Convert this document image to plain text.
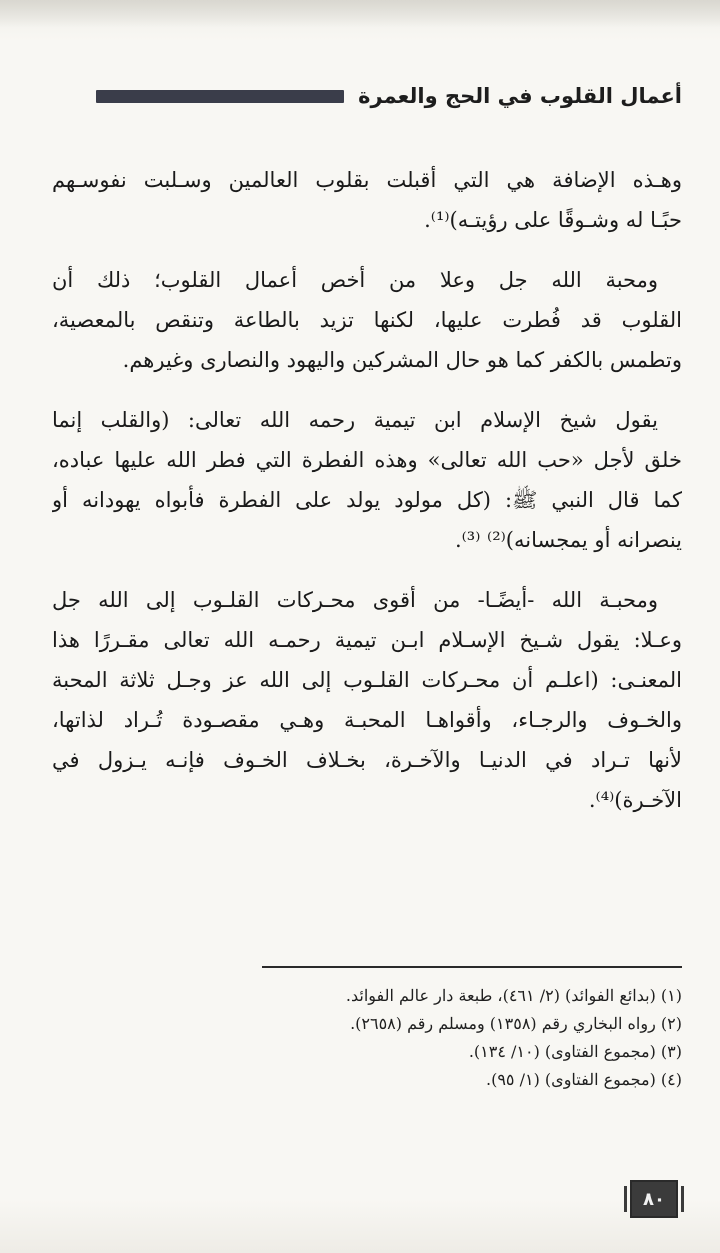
أعمال القلوب في الحج والعمرة

وهـذه الإضافة هي التي أقبلت بقلوب العالمين وسـلبت نفوسـهم
حبًـا له وشـوقًا على رؤيتـه)⁽¹⁾.

ومحبة الله جل وعلا من أخص أعمال القلوب؛ ذلك أن
القلوب قد فُطرت عليها، لكنها تزيد بالطاعة وتنقص بالمعصية،
وتطمس بالكفر كما هو حال المشركين واليهود والنصارى وغيرهم.

يقول شيخ الإسلام ابن تيمية رحمه الله تعالى: (والقلب إنما
خلق لأجل «حب الله تعالى» وهذه الفطرة التي فطر الله عليها عباده،
كما قال النبي ﷺ: (كل مولود يولد على الفطرة فأبواه يهودانه أو
ينصرانه أو يمجسانه)⁽²⁾ ⁽³⁾.

ومحبـة الله -أيضًـا- من أقوى محـركات القلـوب إلى الله جل
وعـلا: يقول شـيخ الإسـلام ابـن تيمية رحمـه الله تعالى مقـررًا هذا
المعنـى: (اعلـم أن محـركات القلـوب إلى الله عز وجـل ثلاثة المحبة
والخـوف والرجـاء، وأقواهـا المحبـة وهـي مقصـودة تُـراد لذاتها،
لأنها تـراد في الدنيـا والآخـرة، بخـلاف الخـوف فإنـه يـزول في
الآخـرة)⁽⁴⁾.

(١) (بدائع الفوائد) (٢/ ٤٦١)، طبعة دار عالم الفوائد.
(٢) رواه البخاري رقم (١٣٥٨) ومسلم رقم (٢٦٥٨).
(٣) (مجموع الفتاوى) (١٠/ ١٣٤).
(٤) (مجموع الفتاوى) (١/ ٩٥).
٨٠
